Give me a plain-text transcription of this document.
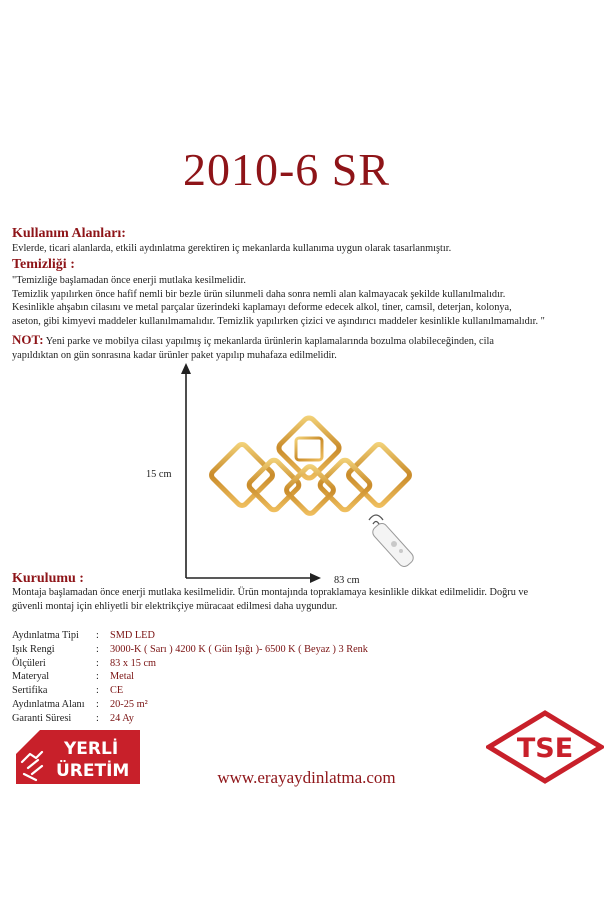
2010-6 SR
Kullanım Alanları:
Evlerde, ticari alanlarda, etkili aydınlatma gerektiren iç mekanlarda kullanıma uygun olarak tasarlanmıştır.
Temizliği :
"Temizliğe başlamadan önce enerji mutlaka kesilmelidir.
Temizlik yapılırken önce hafif nemli bir bezle ürün silunmeli daha sonra nemli alan kalmayacak şekilde kullanılmalıdır.
Kesinlikle ahşabın cilasını ve metal parçalar üzerindeki kaplamayı deforme edecek alkol, tiner, camsil, deterjan, kolonya,
aseton, gibi kimyevi maddeler kullanılmamalıdır. Temizlik yapılırken çizici ve aşındırıcı maddeler kesinlikle kullanılmamalıdır. "
NOT: Yeni parke ve mobilya cilası yapılmış iç mekanlarda ürünlerin kaplamalarında bozulma olabileceğinden, cila
yapıldıktan on gün sonrasına kadar ürünler paket yapılıp muhafaza edilmelidir.
15 cm
83 cm
Kurulumu :
Montaja başlamadan önce enerji mutlaka kesilmelidir. Ürün montajında topraklamaya kesinlikle dikkat edilmelidir. Doğru ve
güvenli montaj için ehliyetli bir elektrikçiye müracaat edilmesi daha uygundur.
Aydınlatma Tipi	:	SMD LED
Işık Rengi	:	3000-K ( Sarı ) 4200 K ( Gün Işığı )- 6500 K ( Beyaz ) 3 Renk
Ölçüleri	:	83 x 15 cm
Materyal	:	Metal
Sertifika	:	CE
Aydınlatma Alanı	:	20-25 m²
Garanti Süresi	:	24 Ay
YERLİ
ÜRETİM
TSE
www.erayaydinlatma.com
